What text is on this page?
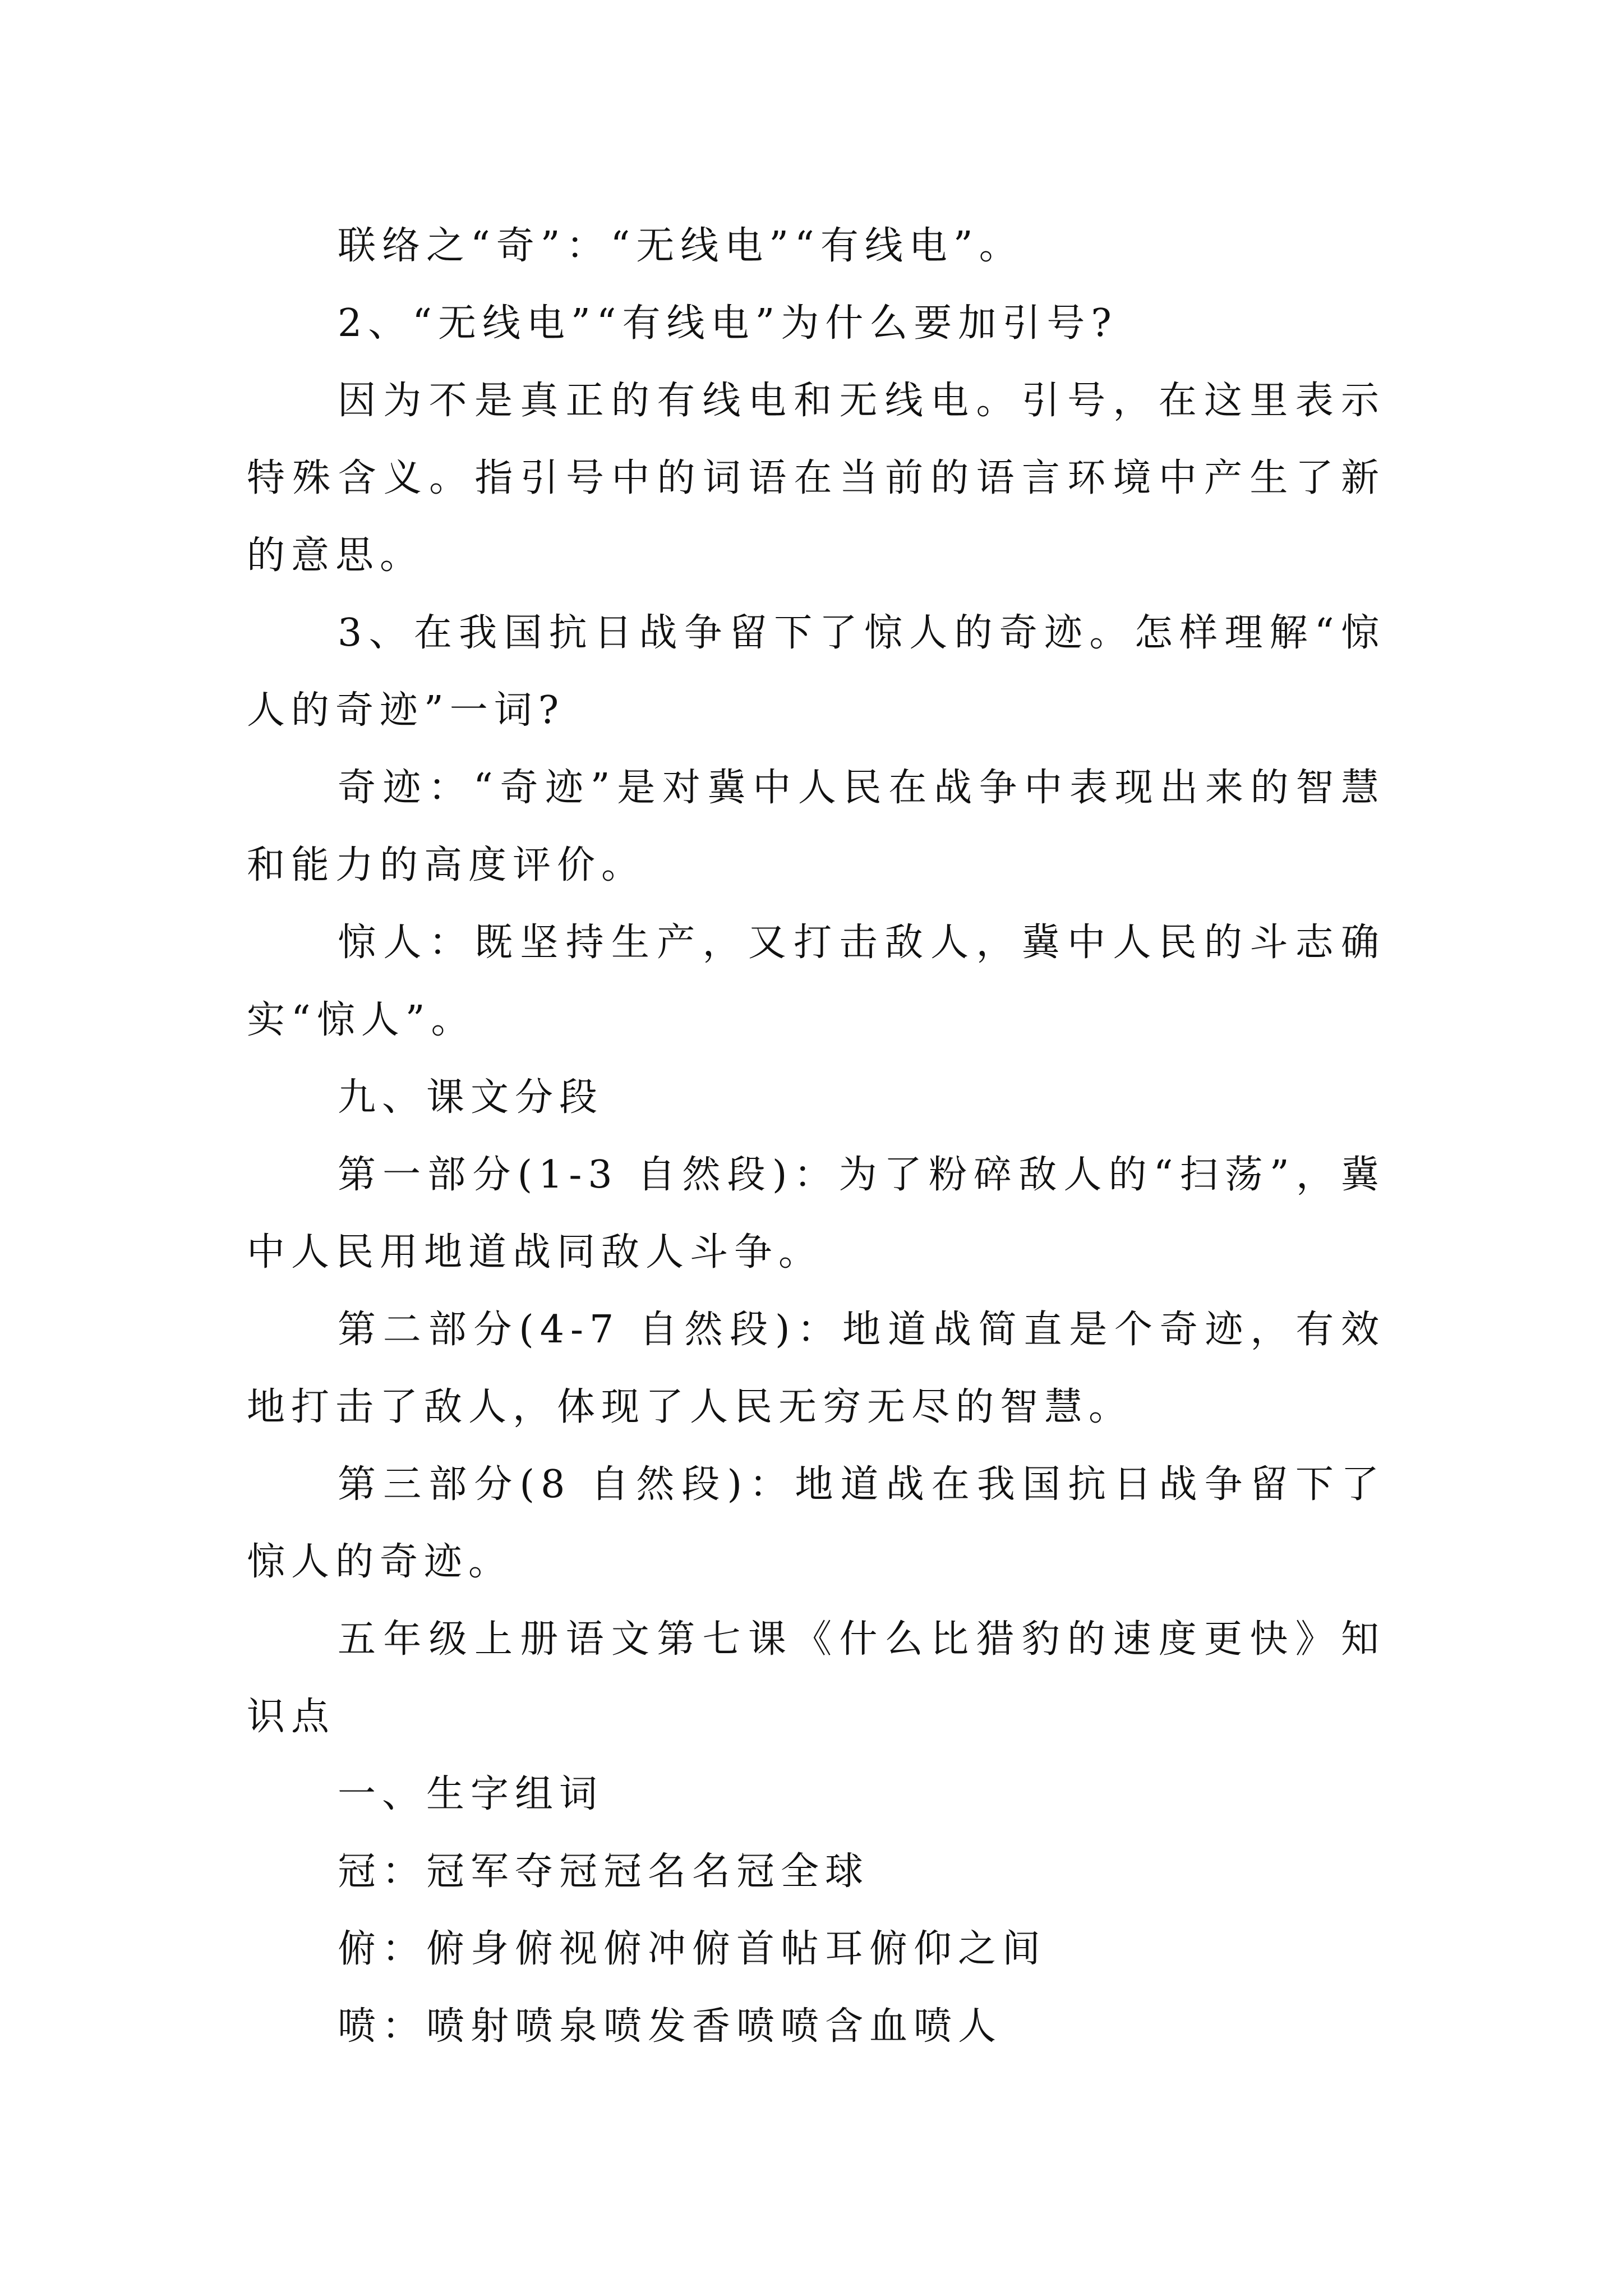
联络之“奇”：“无线电”“有线电”。

2、“无线电”“有线电”为什么要加引号?

因为不是真正的有线电和无线电。引号，在这里表示特殊含义。指引号中的词语在当前的语言环境中产生了新的意思。

3、在我国抗日战争留下了惊人的奇迹。怎样理解“惊人的奇迹”一词?

奇迹：“奇迹”是对冀中人民在战争中表现出来的智慧和能力的高度评价。

惊人：既坚持生产，又打击敌人，冀中人民的斗志确实“惊人”。

九、课文分段

第一部分(1-3 自然段)：为了粉碎敌人的“扫荡”，冀中人民用地道战同敌人斗争。

第二部分(4-7 自然段)：地道战简直是个奇迹，有效地打击了敌人，体现了人民无穷无尽的智慧。

第三部分(8 自然段)：地道战在我国抗日战争留下了惊人的奇迹。

五年级上册语文第七课《什么比猎豹的速度更快》知识点

一、生字组词

冠：冠军夺冠冠名名冠全球

俯：俯身俯视俯冲俯首帖耳俯仰之间

喷：喷射喷泉喷发香喷喷含血喷人
